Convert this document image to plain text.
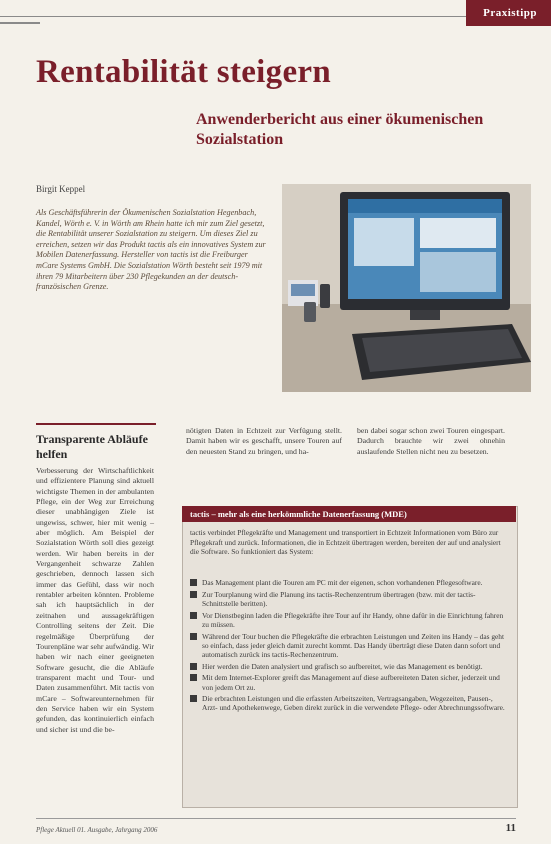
Praxistipp
Rentabilität steigern
Anwenderbericht aus einer ökumenischen Sozialstation
Birgit Keppel
Als Geschäftsführerin der Ökumenischen Sozialstation Hegenbach, Kandel, Wörth e. V. in Wörth am Rhein hatte ich mir zum Ziel gesetzt, die Rentabilität unserer Sozialstation zu steigern. Um dieses Ziel zu erreichen, setzen wir das Produkt tactis als ein innovatives System zur Mobilen Datenerfassung. Hersteller von tactis ist die Freiburger mCare Systems GmbH. Die Sozialstation Wörth besteht seit 1979 mit ihren 79 Mitarbeitern über 230 Pflegekunden an der deutsch-französischen Grenze.
Transparente Abläufe helfen
Verbesserung der Wirtschaftlichkeit und effizientere Planung sind aktuell wichtigste Themen in der ambulanten Pflege, ein der Weg zur Erreichung dieser unabhängigen Ziele ist ungewiss, schwer, hier mit wenig – aber möglich. Am Beispiel der Sozialstation Wörth soll dies gezeigt werden. Wir haben bereits in der Vergangenheit schwarze Zahlen geschrieben, dennoch lassen sich immer das Gefühl, dass wir noch rentabler arbeiten könnten. Probleme sah ich hauptsächlich in der zeitnahen und aussagekräftigen Controlling seitens der Zeit. Die regelmäßige Überprüfung der Tourenpläne war sehr aufwändig. Wir haben wir nach einer geeigneten Software gesucht, die die Abläufe transparent macht und Tour- und Daten zusammenführt. Mit tactis von mCare – Softwareunternehmen für den Service haben wir ein System gefunden, das kontinuierlich einfach und sicher ist und die be-
nötigten Daten in Echtzeit zur Verfügung stellt. Damit haben wir es geschafft, unsere Touren auf den neuesten Stand zu bringen, und ha-
ben dabei sogar schon zwei Touren eingespart. Dadurch brauchte wir zwei ohnehin auslaufende Stellen nicht neu zu besetzen.
tactis – mehr als eine herkömmliche Datenerfassung (MDE)
tactis verbindet Pflegekräfte und Management und transportiert in Echtzeit Informationen vom Büro zur Pflegekraft und zurück. Informationen, die in Echtzeit übertragen werden, bereiten der auf und analysiert die Software. So funktioniert das System:
Das Management plant die Touren am PC mit der eigenen, schon vorhandenen Pflegesoftware.
Zur Tourplanung wird die Planung ins tactis-Rechenzentrum übertragen (bzw. mit der tactis-Schnittstelle beritten).
Vor Dienstbeginn laden die Pflegekräfte ihre Tour auf ihr Handy, ohne dafür in die Einrichtung fahren zu müssen.
Während der Tour buchen die Pflegekräfte die erbrachten Leistungen und Zeiten ins Handy – das geht so einfach, dass jeder gleich damit zurecht kommt. Das Handy überträgt diese Daten dann sofort und automatisch zurück ins tactis-Rechenzentrum.
Hier werden die Daten analysiert und grafisch so aufbereitet, wie das Management es benötigt.
Mit dem Internet-Explorer greift das Management auf diese aufbereiteten Daten sicher, jederzeit und von jedem Ort zu.
Die erbrachten Leistungen und die erfassten Arbeitszeiten, Vertragsangaben, Wegezeiten, Pausen-, Arzt- und Apothekenwege, Geben direkt zurück in die verwendete Pflege- oder Abrechnungssoftware.
Pflege Aktuell 01. Ausgabe, Jahrgang 2006	11
